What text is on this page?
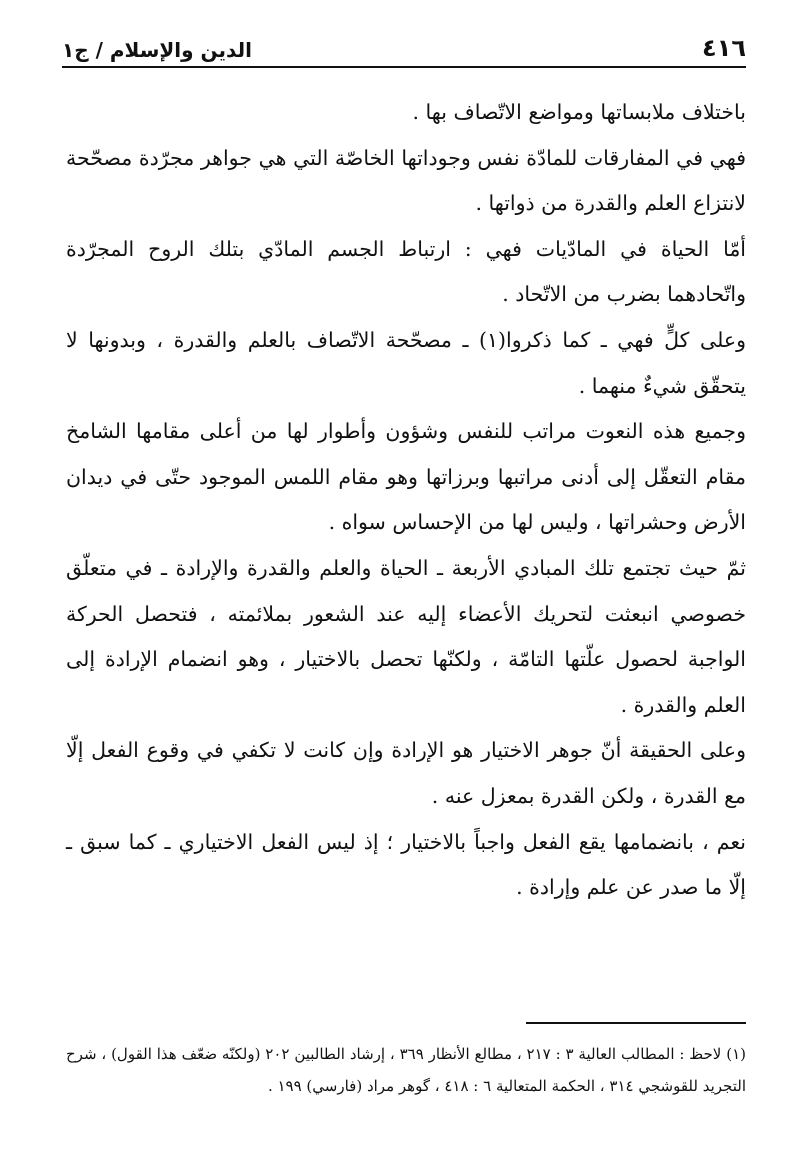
٤١٦
الدين والإسلام / ج١

باختلاف ملابساتها ومواضع الاتّصاف بها .

فهي في المفارقات للمادّة نفس وجوداتها الخاصّة التي هي جواهر مجرّدة مصحّحة لانتزاع العلم والقدرة من ذواتها .

أمّا الحياة في المادّيات فهي : ارتباط الجسم المادّي بتلك الروح المجرّدة واتّحادهما بضرب من الاتّحاد .

وعلى كلٍّ فهي ـ كما ذكروا(١) ـ مصحّحة الاتّصاف بالعلم والقدرة ، وبدونها لا يتحقّق شيءٌ منهما .

وجميع هذه النعوت مراتب للنفس وشؤون وأطوار لها من أعلى مقامها الشامخ مقام التعقّل إلى أدنى مراتبها وبرزاتها وهو مقام اللمس الموجود حتّى في ديدان الأرض وحشراتها ، وليس لها من الإحساس سواه .

ثمّ حيث تجتمع تلك المبادي الأربعة ـ الحياة والعلم والقدرة والإرادة ـ في متعلّق خصوصي انبعثت لتحريك الأعضاء إليه عند الشعور بملائمته ، فتحصل الحركة الواجبة لحصول علّتها التامّة ، ولكنّها تحصل بالاختيار ، وهو انضمام الإرادة إلى العلم والقدرة .

وعلى الحقيقة أنّ جوهر الاختيار هو الإرادة وإن كانت لا تكفي في وقوع الفعل إلّا مع القدرة ، ولكن القدرة بمعزل عنه .

نعم ، بانضمامها يقع الفعل واجباً بالاختيار ؛ إذ ليس الفعل الاختياري ـ كما سبق ـ إلّا ما صدر عن علم وإرادة .

(١) لاحظ : المطالب العالية ٣ : ٢١٧ ، مطالع الأنظار ٣٦٩ ، إرشاد الطالبين ٢٠٢ (ولكنّه ضعّف هذا القول) ، شرح التجريد للقوشجي ٣١٤ ، الحكمة المتعالية ٦ : ٤١٨ ، گوهر مراد (فارسي) ١٩٩ .
